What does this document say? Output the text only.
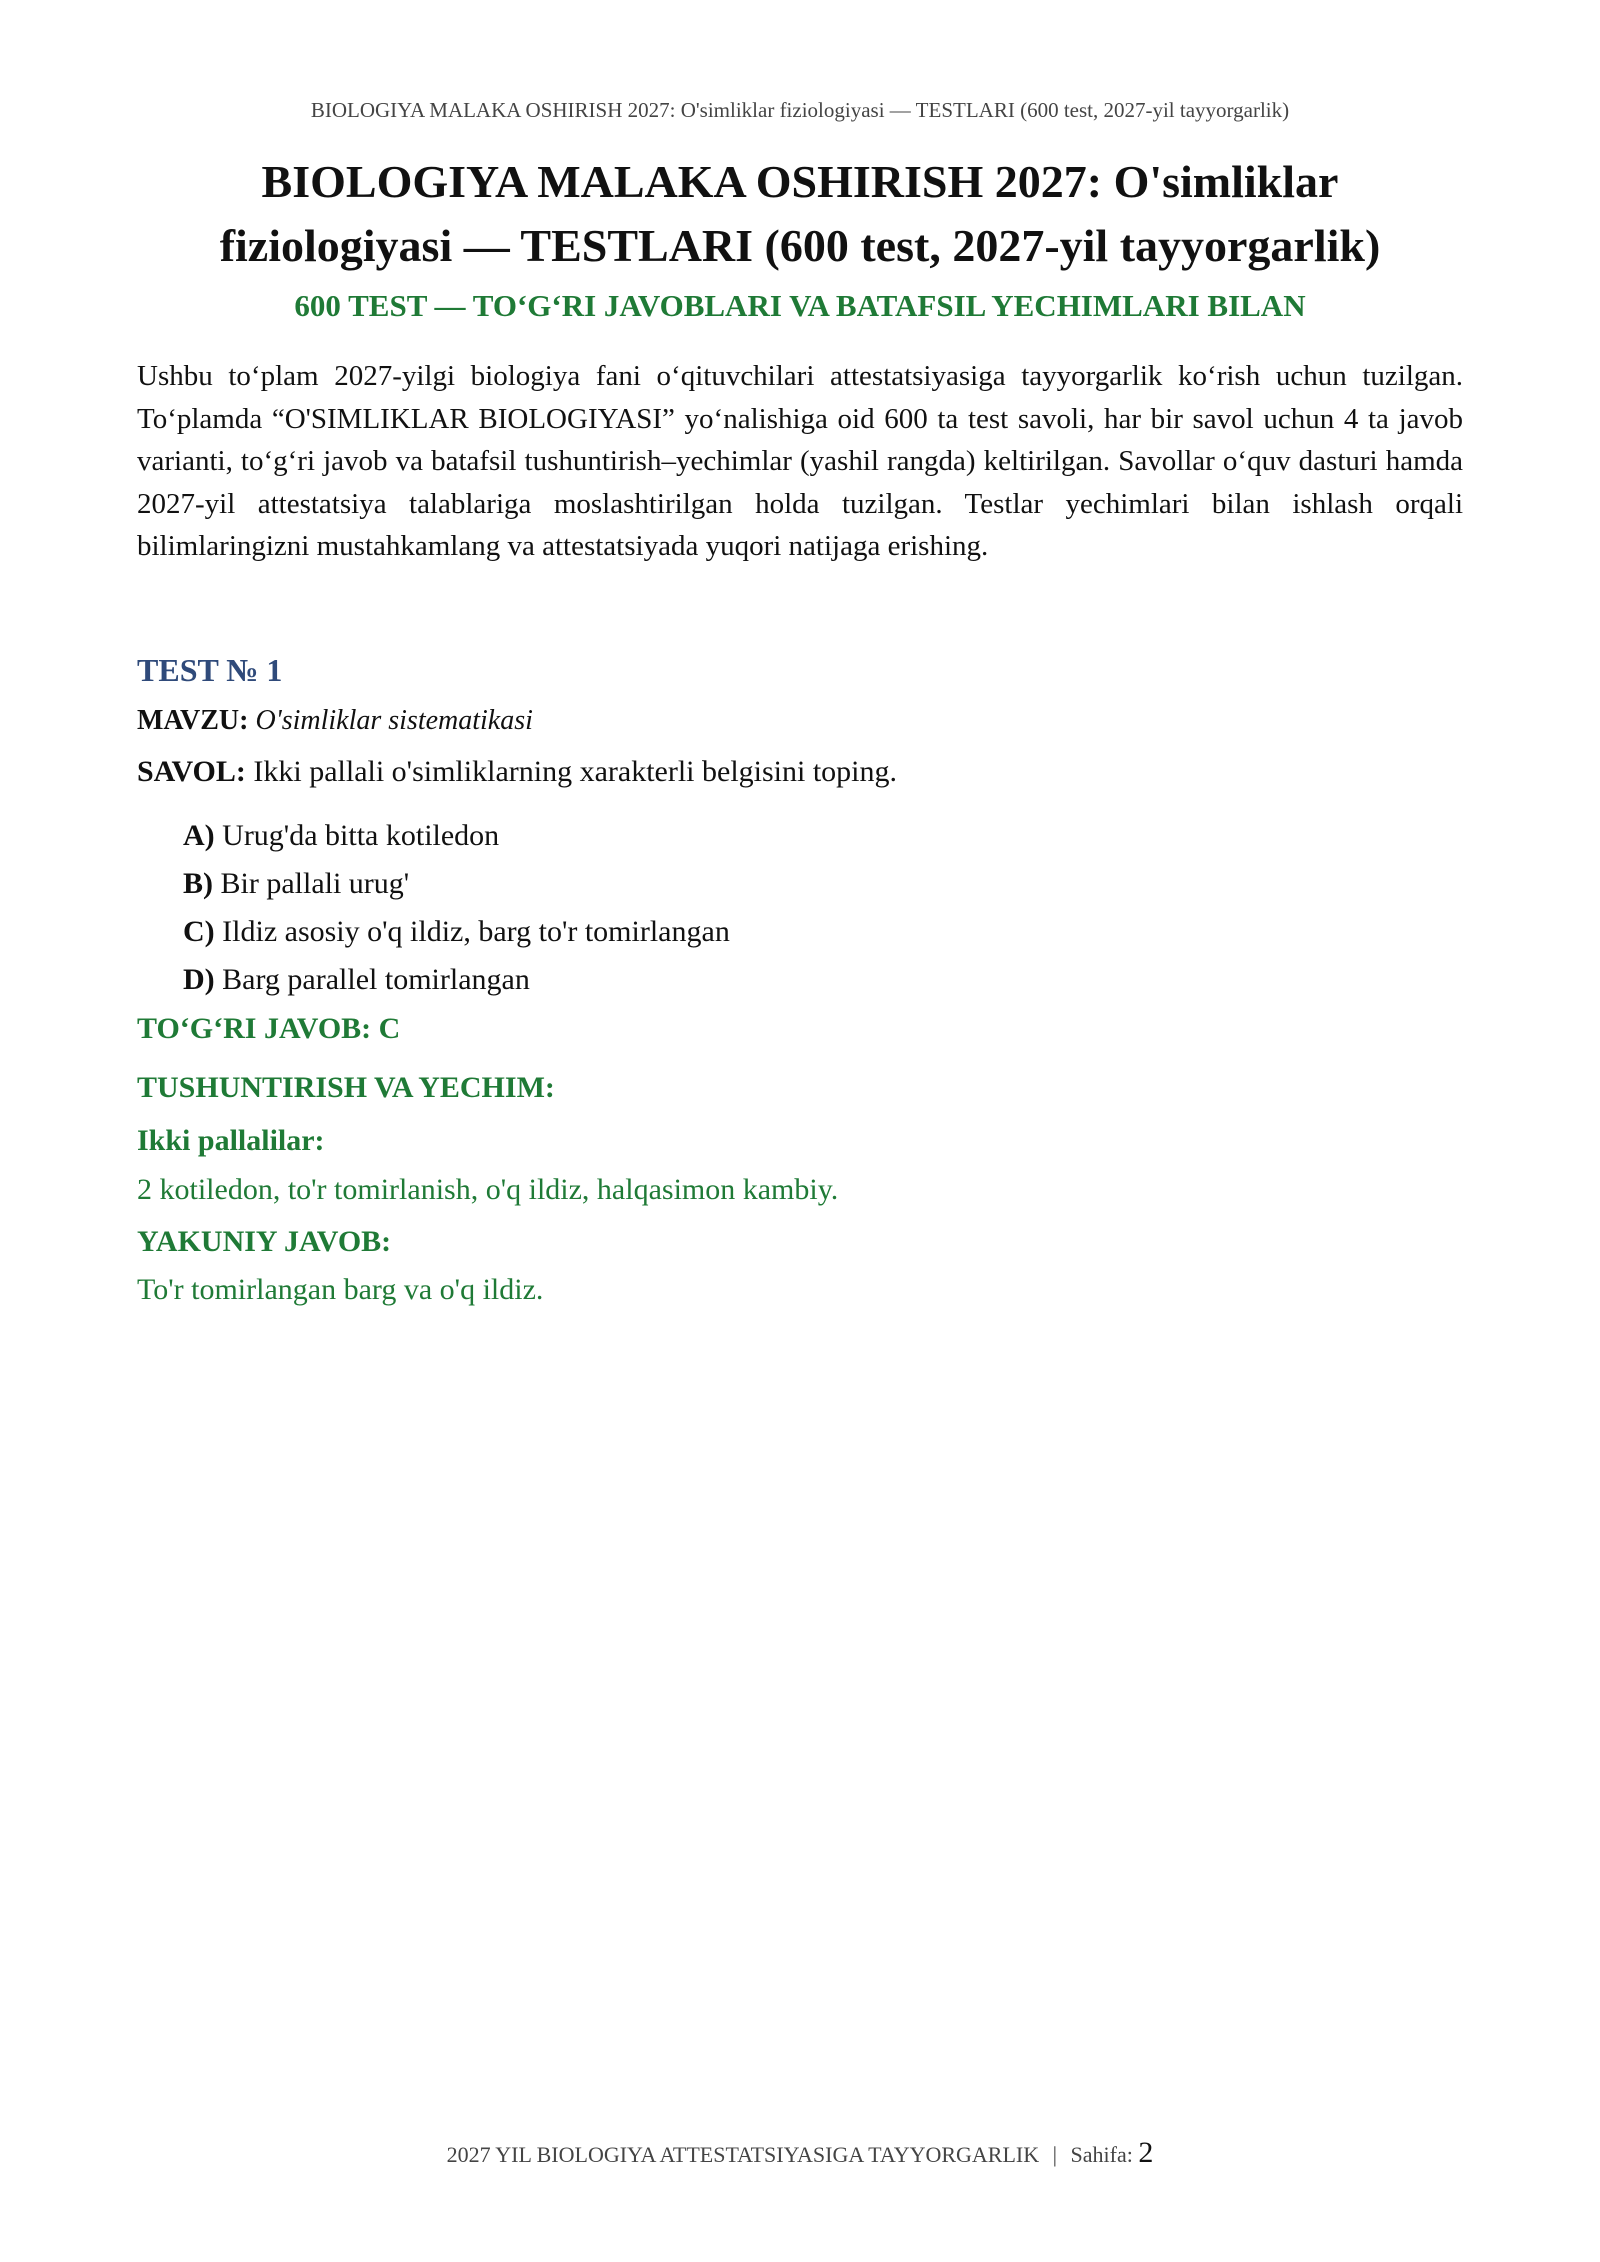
BIOLOGIYA MALAKA OSHIRISH 2027: O'simliklar fiziologiyasi — TESTLARI (600 test, 2027-yil tayyorgarlik)
BIOLOGIYA MALAKA OSHIRISH 2027: O'simliklar
fiziologiyasi — TESTLARI (600 test, 2027-yil tayyorgarlik)
600 TEST — TO‘G‘RI JAVOBLARI VA BATAFSIL YECHIMLARI BILAN
Ushbu to‘plam 2027-yilgi biologiya fani o‘qituvchilari attestatsiyasiga tayyorgarlik ko‘rish uchun tuzilgan. To‘plamda “O'SIMLIKLAR BIOLOGIYASI” yo‘nalishiga oid 600 ta test savoli, har bir savol uchun 4 ta javob varianti, to‘g‘ri javob va batafsil tushuntirish–yechimlar (yashil rangda) keltirilgan. Savollar o‘quv dasturi hamda 2027-yil attestatsiya talablariga moslashtirilgan holda tuzilgan. Testlar yechimlari bilan ishlash orqali bilimlaringizni mustahkamlang va attestatsiyada yuqori natijaga erishing.
TEST № 1
MAVZU: O'simliklar sistematikasi
SAVOL: Ikki pallali o'simliklarning xarakterli belgisini toping.
A) Urug'da bitta kotiledon
B) Bir pallali urug'
C) Ildiz asosiy o'q ildiz, barg to'r tomirlangan
D) Barg parallel tomirlangan
TO‘G‘RI JAVOB: C
TUSHUNTIRISH VA YECHIM:
Ikki pallalilar:
2 kotiledon, to'r tomirlanish, o'q ildiz, halqasimon kambiy.
YAKUNIY JAVOB:
To'r tomirlangan barg va o'q ildiz.
2027 YIL BIOLOGIYA ATTESTATSIYASIGA TAYYORGARLIK | Sahifa: 2
